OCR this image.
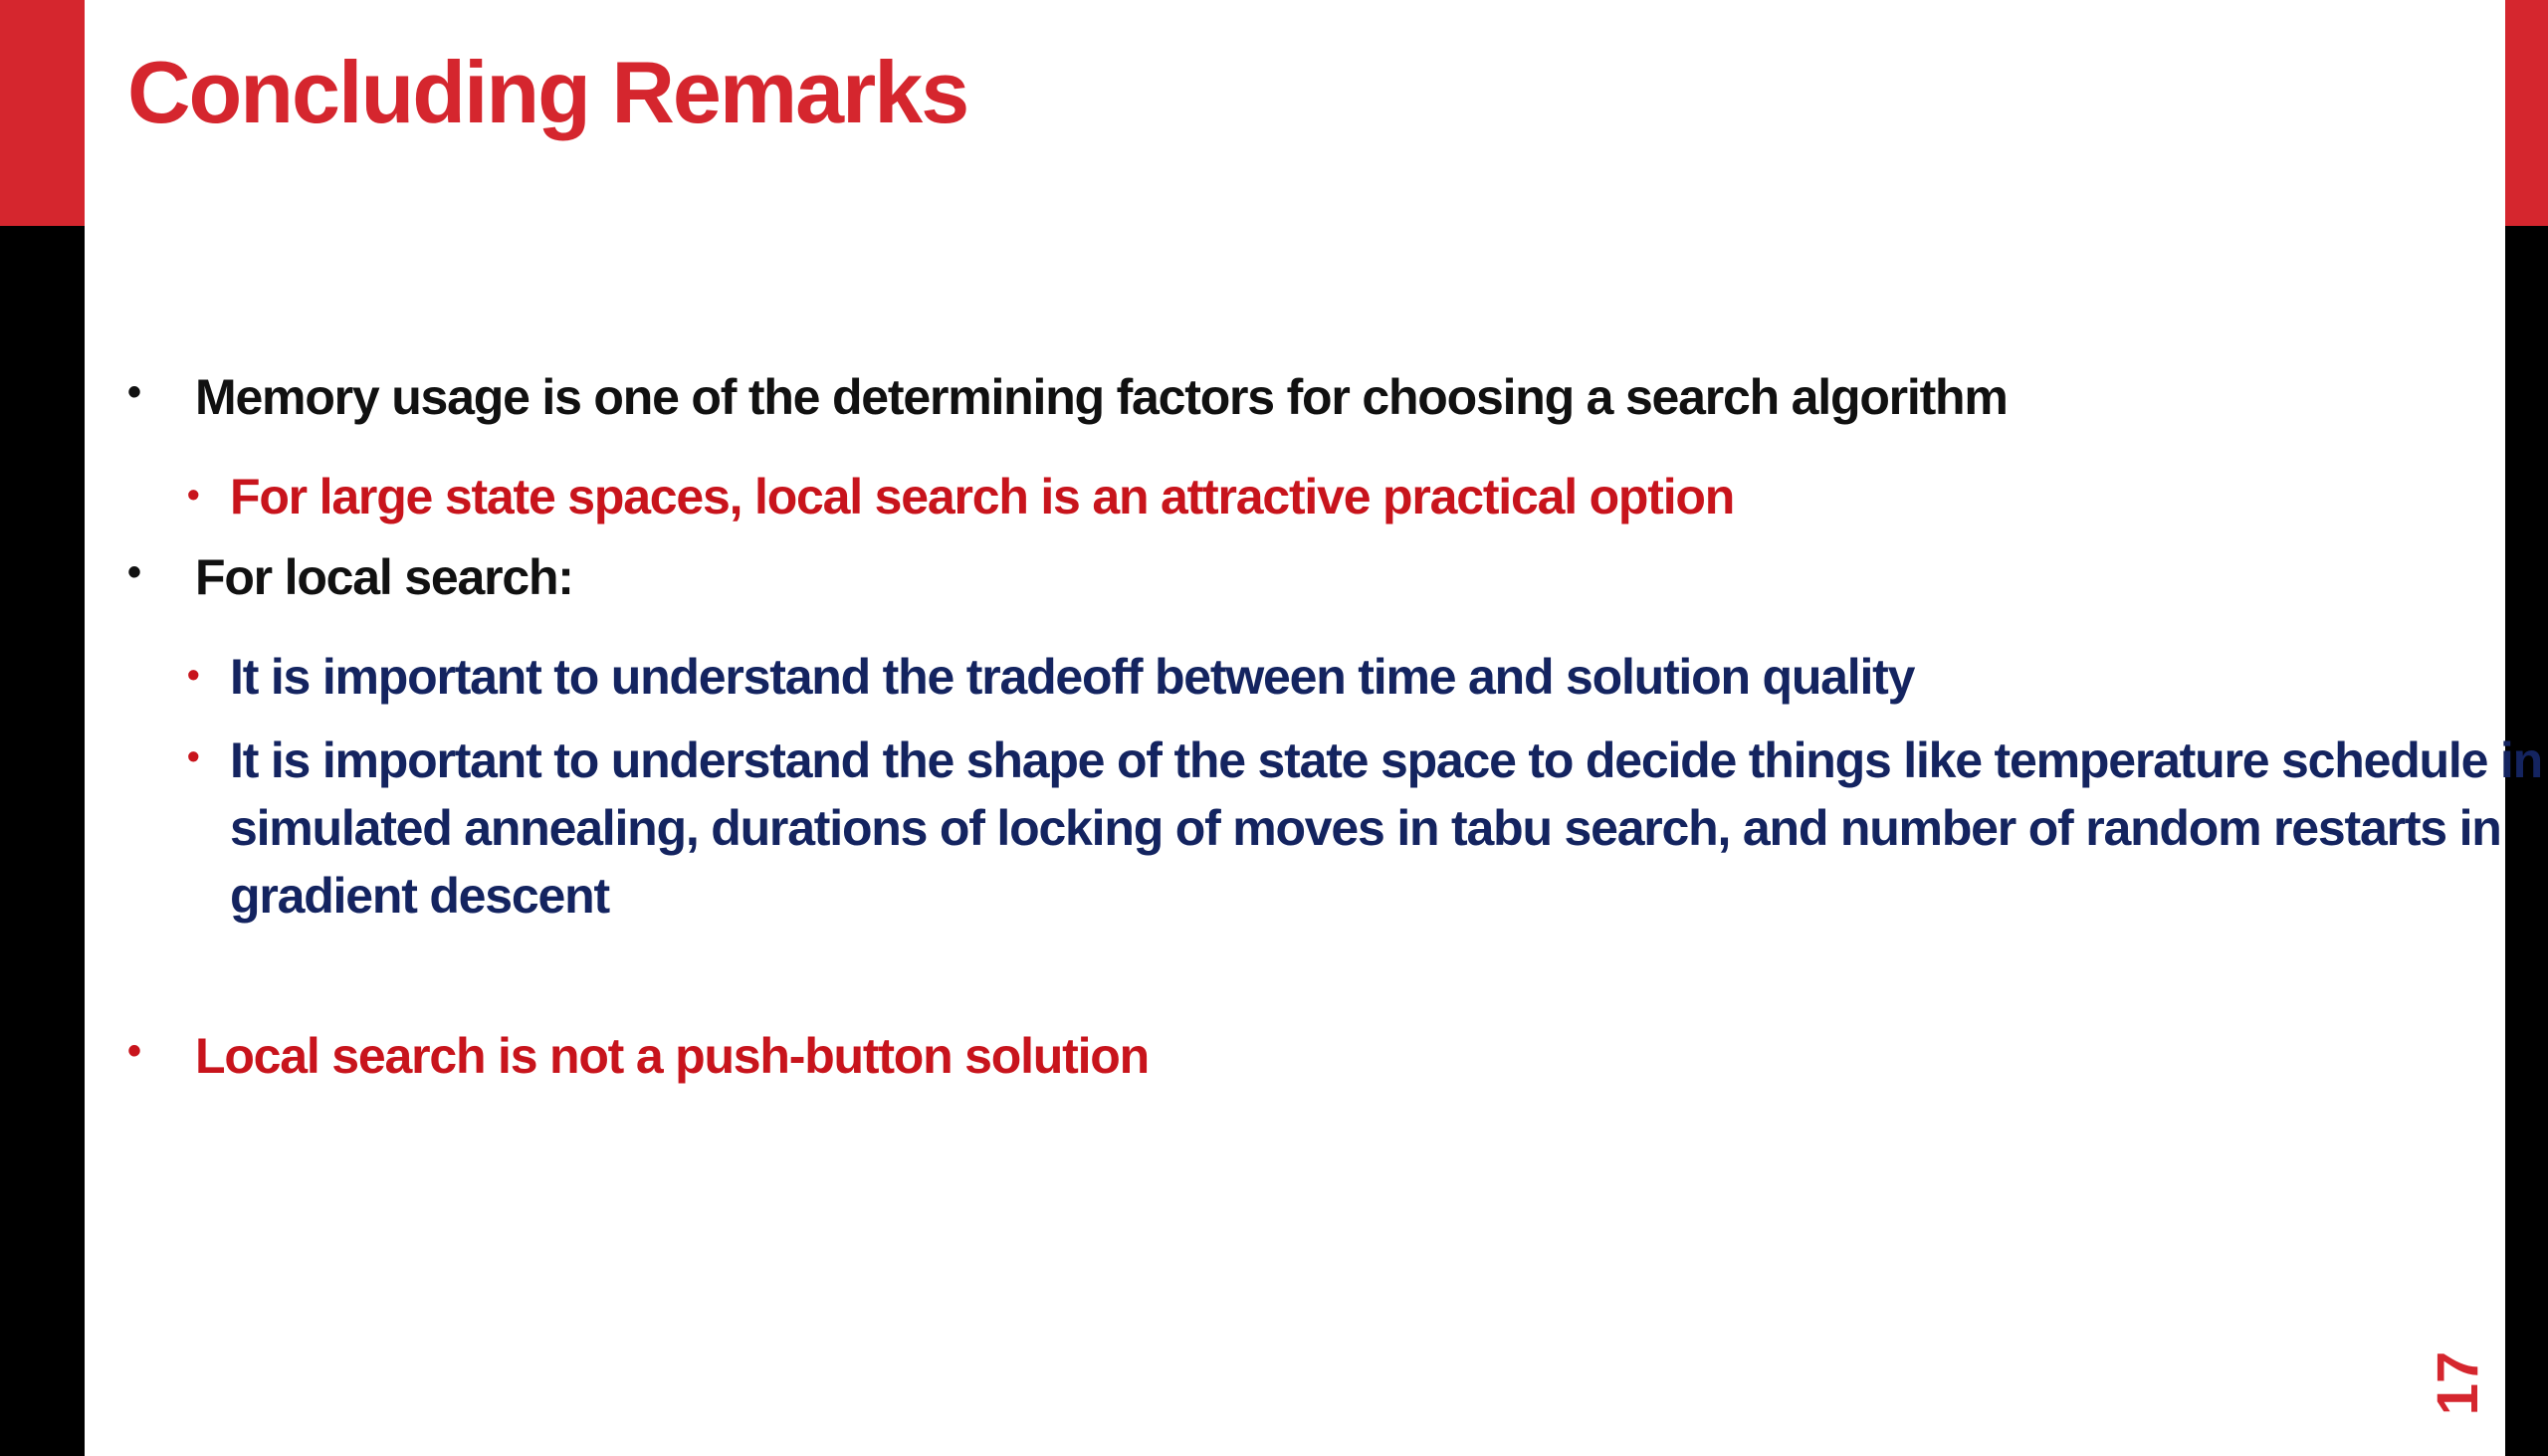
Concluding Remarks
• Memory usage is one of the determining factors for choosing a search algorithm
• For large state spaces, local search is an attractive practical option
• For local search:
• It is important to understand the tradeoff between time and solution quality
• It is important to understand the shape of the state space to decide things like temperature schedule in simulated annealing, durations of locking of moves in tabu search, and number of random restarts in gradient descent
• Local search is not a push-button solution
17
